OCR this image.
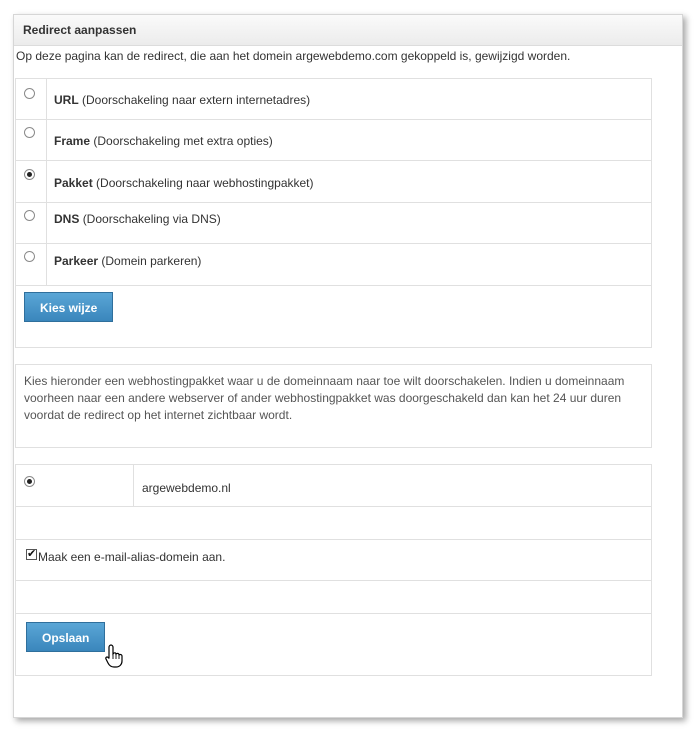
Redirect aanpassen
Op deze pagina kan de redirect, die aan het domein argewebdemo.com gekoppeld is, gewijzigd worden.
URL (Doorschakeling naar extern internetadres)
Frame (Doorschakeling met extra opties)
Pakket (Doorschakeling naar webhostingpakket)
DNS (Doorschakeling via DNS)
Parkeer (Domein parkeren)
Kies wijze
Kies hieronder een webhostingpakket waar u de domeinnaam naar toe wilt doorschakelen. Indien u domeinnaam voorheen naar een andere webserver of ander webhostingpakket was doorgeschakeld dan kan het 24 uur duren voordat de redirect op het internet zichtbaar wordt.
argewebdemo.nl
✔ Maak een e-mail-alias-domein aan.
Opslaan
